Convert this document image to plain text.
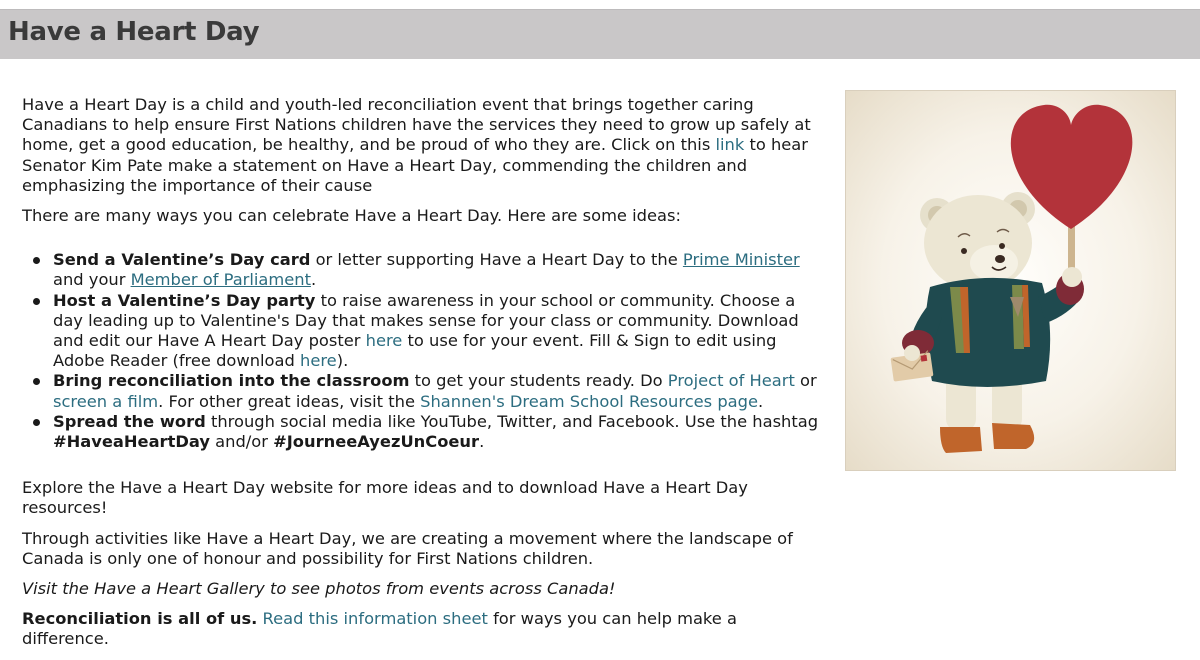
Have a Heart Day

Have a Heart Day is a child and youth-led reconciliation event that brings together caring Canadians to help ensure First Nations children have the services they need to grow up safely at home, get a good education, be healthy, and be proud of who they are. Click on this link to hear Senator Kim Pate make a statement on Have a Heart Day, commending the children and emphasizing the importance of their cause

There are many ways you can celebrate Have a Heart Day. Here are some ideas:

Send a Valentine’s Day card or letter supporting Have a Heart Day to the Prime Minister and your Member of Parliament.
Host a Valentine’s Day party to raise awareness in your school or community. Choose a day leading up to Valentine's Day that makes sense for your class or community. Download and edit our Have A Heart Day poster here to use for your event. Fill & Sign to edit using Adobe Reader (free download here).
Bring reconciliation into the classroom to get your students ready. Do Project of Heart or screen a film. For other great ideas, visit the Shannen's Dream School Resources page.
Spread the word through social media like YouTube, Twitter, and Facebook. Use the hashtag #HaveaHeartDay and/or #JourneeAyezUnCoeur.

Explore the Have a Heart Day website for more ideas and to download Have a Heart Day resources!

Through activities like Have a Heart Day, we are creating a movement where the landscape of Canada is only one of honour and possibility for First Nations children.

Visit the Have a Heart Gallery to see photos from events across Canada!

Reconciliation is all of us. Read this information sheet for ways you can help make a difference.
